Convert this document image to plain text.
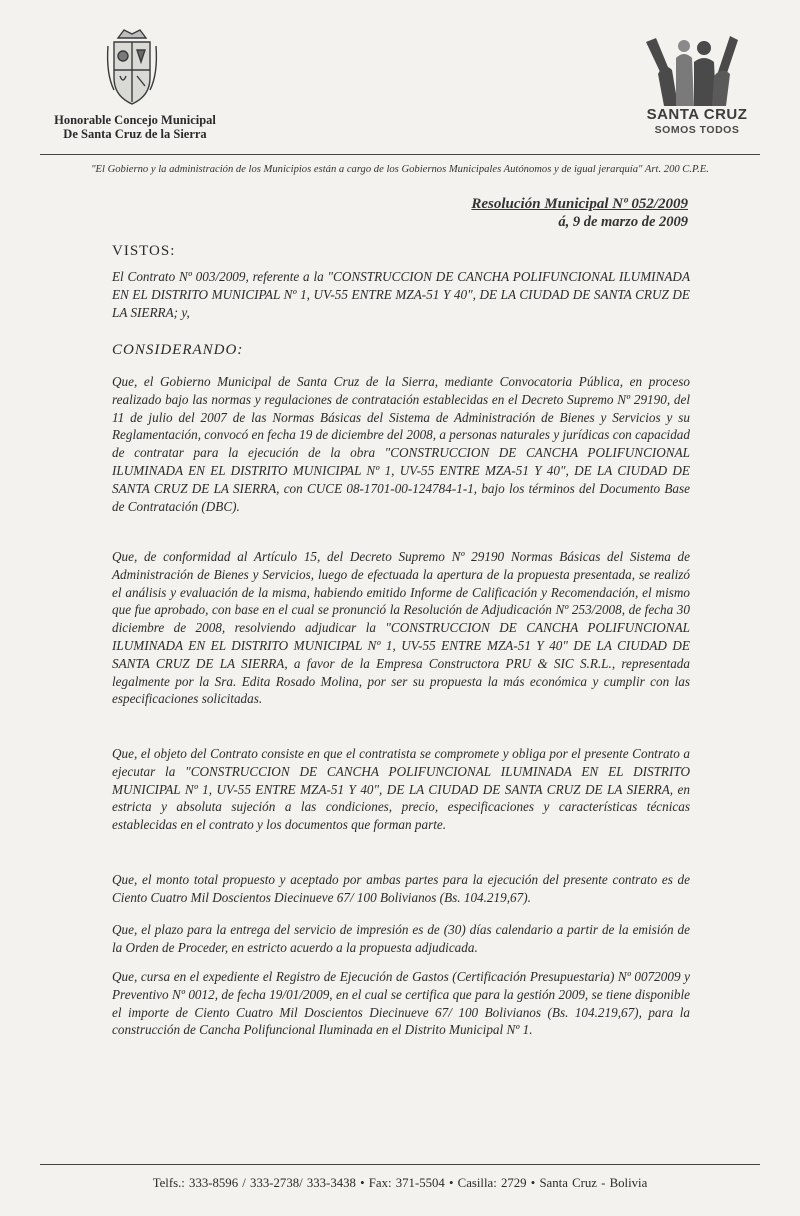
Honorable Concejo Municipal
De Santa Cruz de la Sierra
SANTA CRUZ
SOMOS TODOS
"El Gobierno y la administración de los Municipios están a cargo de los Gobiernos Municipales Autónomos y de igual jerarquía" Art. 200 C.P.E.
Resolución Municipal Nº 052/2009
á, 9 de marzo de 2009
VISTOS:

El Contrato Nº 003/2009, referente a la "CONSTRUCCION DE CANCHA POLIFUNCIONAL ILUMINADA EN EL DISTRITO MUNICIPAL Nº 1, UV-55 ENTRE MZA-51 Y 40", DE LA CIUDAD DE SANTA CRUZ DE LA SIERRA; y,

CONSIDERANDO:

Que, el Gobierno Municipal de Santa Cruz de la Sierra, mediante Convocatoria Pública, en proceso realizado bajo las normas y regulaciones de contratación establecidas en el Decreto Supremo Nº 29190, del 11 de julio del 2007 de las Normas Básicas del Sistema de Administración de Bienes y Servicios y su Reglamentación, convocó en fecha 19 de diciembre del 2008, a personas naturales y jurídicas con capacidad de contratar para la ejecución de la obra "CONSTRUCCION DE CANCHA POLIFUNCIONAL ILUMINADA EN EL DISTRITO MUNICIPAL Nº 1, UV-55 ENTRE MZA-51 Y 40", DE LA CIUDAD DE SANTA CRUZ DE LA SIERRA, con CUCE 08-1701-00-124784-1-1, bajo los términos del Documento Base de Contratación (DBC).

Que, de conformidad al Artículo 15, del Decreto Supremo Nº 29190 Normas Básicas del Sistema de Administración de Bienes y Servicios, luego de efectuada la apertura de la propuesta presentada, se realizó el análisis y evaluación de la misma, habiendo emitido Informe de Calificación y Recomendación, el mismo que fue aprobado, con base en el cual se pronunció la Resolución de Adjudicación Nº 253/2008, de fecha 30 diciembre de 2008, resolviendo adjudicar la "CONSTRUCCION DE CANCHA POLIFUNCIONAL ILUMINADA EN EL DISTRITO MUNICIPAL Nº 1, UV-55 ENTRE MZA-51 Y 40" DE LA CIUDAD DE SANTA CRUZ DE LA SIERRA, a favor de la Empresa Constructora PRU & SIC S.R.L., representada legalmente por la Sra. Edita Rosado Molina, por ser su propuesta la más económica y cumplir con las especificaciones solicitadas.

Que, el objeto del Contrato consiste en que el contratista se compromete y obliga por el presente Contrato a ejecutar la "CONSTRUCCION DE CANCHA POLIFUNCIONAL ILUMINADA EN EL DISTRITO MUNICIPAL Nº 1, UV-55 ENTRE MZA-51 Y 40", DE LA CIUDAD DE SANTA CRUZ DE LA SIERRA, en estricta y absoluta sujeción a las condiciones, precio, especificaciones y características técnicas establecidas en el contrato y los documentos que forman parte.

Que, el monto total propuesto y aceptado por ambas partes para la ejecución del presente contrato es de Ciento Cuatro Mil Doscientos Diecinueve 67/ 100 Bolivianos (Bs. 104.219,67).

Que, el plazo para la entrega del servicio de impresión es de (30) días calendario a partir de la emisión de la Orden de Proceder, en estricto acuerdo a la propuesta adjudicada.

Que, cursa en el expediente el Registro de Ejecución de Gastos (Certificación Presupuestaria) Nº 0072009 y Preventivo Nº 0012, de fecha 19/01/2009, en el cual se certifica que para la gestión 2009, se tiene disponible el importe de Ciento Cuatro Mil Doscientos Diecinueve 67/ 100 Bolivianos (Bs. 104.219,67), para la construcción de Cancha Polifuncional Iluminada en el Distrito Municipal Nº 1.

Telfs.: 333-8596 / 333-2738/ 333-3438 • Fax: 371-5504 • Casilla: 2729 • Santa Cruz - Bolivia
